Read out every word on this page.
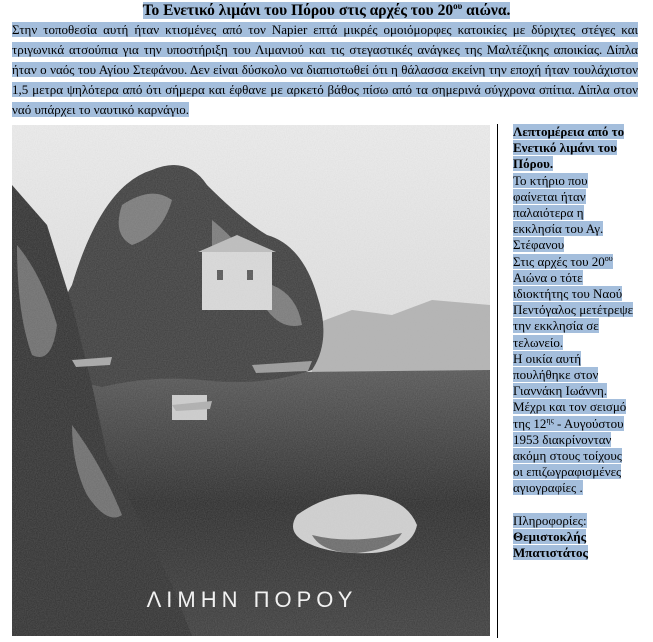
Το Ενετικό λιμάνι του Πόρου στις αρχές του $20^{o\upsilon}$ αιώνα.

Στην τοποθεσία αυτή ήταν κτισμένες από τον Napier επτά μικρές ομοιόμορφες κατοικίες με δύριχτες στέγες και τριγωνικά ατσούπια για την υποστήριξη του Λιμανιού και τις στεγαστικές ανάγκες της Μαλτέζικης αποικίας. Δίπλα ήταν ο ναός του Αγίου Στεφάνου. Δεν είναι δύσκολο να διαπιστωθεί ότι η θάλασσα εκείνη την εποχή ήταν τουλάχιστον 1,5 μετρα ψηλότερα από ότι σήμερα και έφθανε με αρκετό βάθος πίσω από τα σημερινά σύγχρονα σπίτια. Δίπλα στον ναό υπάρχει το ναυτικό καρνάγιο.

ΛΙΜΗΝ ΠΟΡΟΥ

Λεπτομέρεια από το Ενετικό λιμάνι του Πόρου.

Το κτήριο που φαίνεται ήταν παλαιότερα η εκκλησία του Αγ. Στέφανου

Στις αρχές του $20^{o\upsilon}$ Αιώνα ο τότε ιδιοκτήτης του Ναού Πεντόγαλος μετέτρεψε την εκκλησία σε τελωνείο.

Η οικία αυτή πουλήθηκε στον Γιαννάκη Ιωάννη.

Μέχρι και τον σεισμό της $12^{\eta\varsigma}$ - Αυγούστου 1953 διακρίνονταν ακόμη στους τοίχους οι επιζωγραφισμένες αγιογραφίες .

Πληροφορίες:

Θεμιστοκλής Μπατιστάτος
